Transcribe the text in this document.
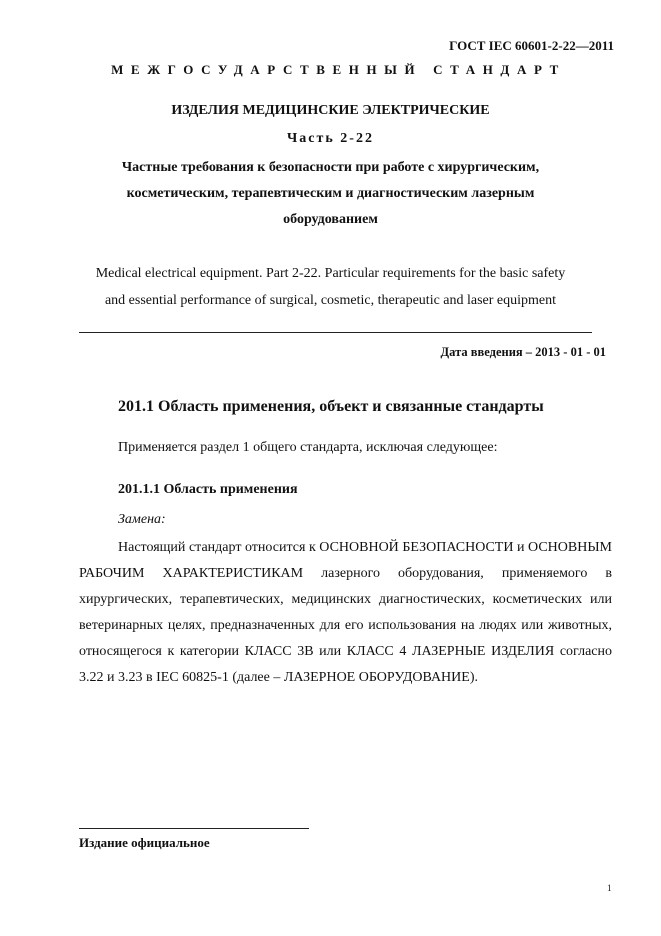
ГОСТ IEC 60601-2-22—2011
МЕЖГОСУДАРСТВЕННЫЙ СТАНДАРТ
ИЗДЕЛИЯ МЕДИЦИНСКИЕ ЭЛЕКТРИЧЕСКИЕ
Часть 2-22
Частные требования к безопасности при работе с хирургическим,
косметическим, терапевтическим и диагностическим лазерным
оборудованием
Medical electrical equipment. Part 2-22. Particular requirements for the basic safety
and essential performance of surgical, cosmetic, therapeutic and laser equipment
Дата введения – 2013 - 01 - 01
201.1 Область применения, объект и связанные стандарты
Применяется раздел 1 общего стандарта, исключая следующее:
201.1.1 Область применения
Замена:
Настоящий стандарт относится к ОСНОВНОЙ БЕЗОПАСНОСТИ и ОСНОВНЫМ РАБОЧИМ ХАРАКТЕРИСТИКАМ лазерного оборудования, применяемого в хирургических, терапевтических, медицинских диагностических, косметических или ветеринарных целях, предназначенных для его использования на людях или животных, относящегося к категории КЛАСС 3В или КЛАСС 4 ЛАЗЕРНЫЕ ИЗДЕЛИЯ согласно 3.22 и 3.23 в IEC 60825-1 (далее – ЛАЗЕРНОЕ ОБОРУДОВАНИЕ).
Издание официальное
1
